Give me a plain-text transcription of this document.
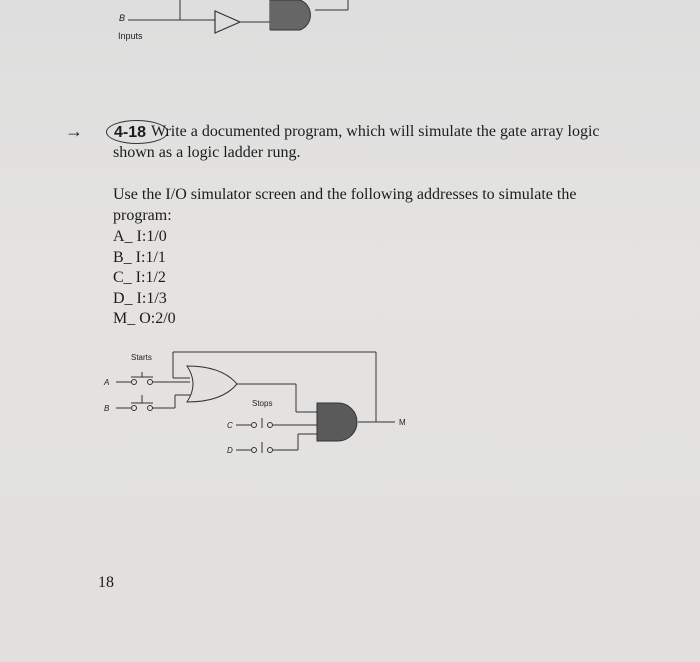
B
Inputs
→ 4-18 Write a documented program, which will simulate the gate array logic
shown as a logic ladder rung.
Use the I/O simulator screen and the following addresses to simulate the
program:
A_ I:1/0
B_ I:1/1
C_ I:1/2
D_ I:1/3
M_ O:2/0
Starts
Stops
A
B
C
D
M
18
